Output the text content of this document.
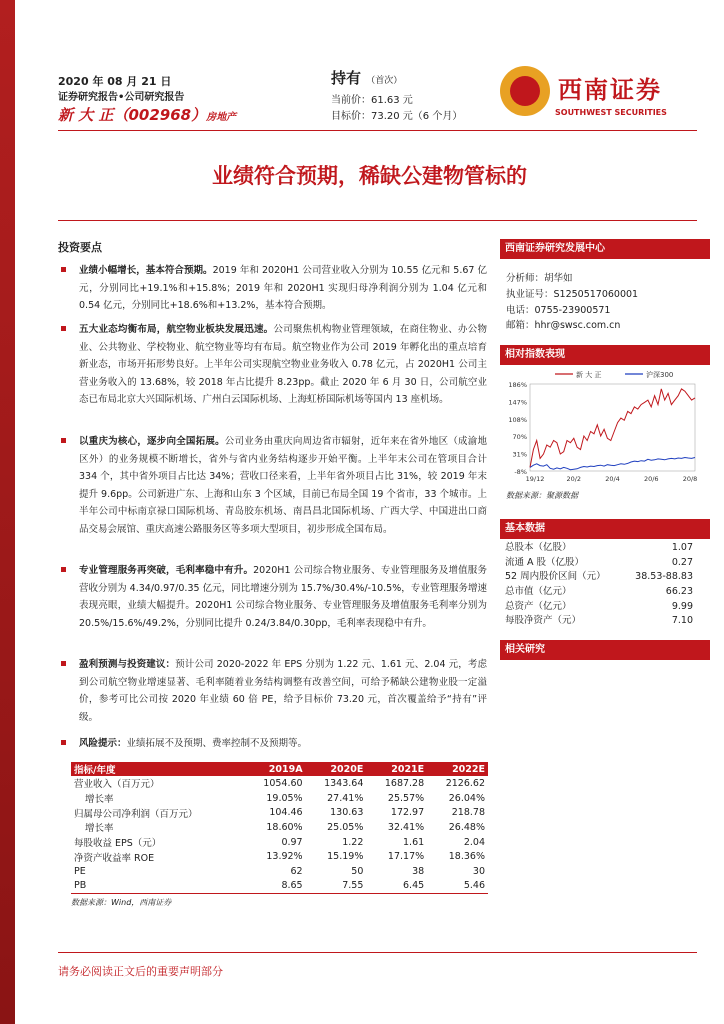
2020 年 08 月 21 日
证券研究报告•公司研究报告
新 大 正（002968）房地产
持有 （首次）
当前价：61.63 元
目标价：73.20 元（6 个月）
西南证券
SOUTHWEST SECURITIES
业绩符合预期，稀缺公建物管标的
投资要点
业绩小幅增长，基本符合预期。2019 年和 2020H1 公司营业收入分别为 10.55 亿元和 5.67 亿元，分别同比+19.1%和+15.8%；2019 年和 2020H1 实现归母净利润分别为 1.04 亿元和 0.54 亿元，分别同比+18.6%和+13.2%，基本符合预期。
五大业态均衡布局，航空物业板块发展迅速。公司聚焦机构物业管理领域，在商住物业、办公物业、公共物业、学校物业、航空物业等均有布局。航空物业作为公司 2019 年孵化出的重点培育新业态，市场开拓形势良好。上半年公司实现航空物业业务收入 0.78 亿元，占 2020H1 公司主营业务收入的 13.68%，较 2018 年占比提升 8.23pp。截止 2020 年 6 月 30 日，公司航空业态已布局北京大兴国际机场、广州白云国际机场、上海虹桥国际机场等国内 13 座机场。
以重庆为核心，逐步向全国拓展。公司业务由重庆向周边省市辐射，近年来在省外地区（成渝地区外）的业务规模不断增长，省外与省内业务结构逐步开始平衡。上半年末公司在管项目合计 334 个，其中省外项目占比达 34%；营收口径来看，上半年省外项目占比 31%，较 2019 年末提升 9.6pp。公司新进广东、上海和山东 3 个区域，目前已布局全国 19 个省市，33 个城市。上半年公司中标南京禄口国际机场、青岛胶东机场、南昌昌北国际机场、广西大学、中国进出口商品交易会展馆、重庆高速公路服务区等多项大型项目，初步形成全国布局。
专业管理服务再突破，毛利率稳中有升。2020H1 公司综合物业服务、专业管理服务及增值服务营收分别为 4.34/0.97/0.35 亿元，同比增速分别为 15.7%/30.4%/-10.5%，专业管理服务增速表现亮眼，业绩大幅提升。2020H1 公司综合物业服务、专业管理服务及增值服务毛利率分别为 20.5%/15.6%/49.2%，分别同比提升 0.24/3.84/0.30pp，毛利率表现稳中有升。
盈利预测与投资建议：预计公司 2020-2022 年 EPS 分别为 1.22 元、1.61 元、2.04 元，考虑到公司航空物业增速显著、毛利率随着业务结构调整有改善空间，可给予稀缺公建物业股一定溢价，参考可比公司按 2020 年业绩 60 倍 PE，给予目标价 73.20 元，首次覆盖给予“持有”评级。
风险提示：业绩拓展不及预期、费率控制不及预期等。
指标/年度	2019A	2020E	2021E	2022E
营业收入（百万元）	1054.60	1343.64	1687.28	2126.62
增长率	19.05%	27.41%	25.57%	26.04%
归属母公司净利润（百万元）	104.46	130.63	172.97	218.78
增长率	18.60%	25.05%	32.41%	26.48%
每股收益 EPS（元）	0.97	1.22	1.61	2.04
净资产收益率 ROE	13.92%	15.19%	17.17%	18.36%
PE	62	50	38	30
PB	8.65	7.55	6.45	5.46
数据来源：Wind，西南证券
西南证券研究发展中心
分析师：胡华如
执业证号：S1250517060001
电话：0755-23900571
邮箱：hhr@swsc.com.cn
相对指数表现
186%
147%
108%
70%
31%
-8%
19/12	20/2	20/4	20/6	20/8
新 大 正	沪深300
数据来源：聚源数据
基本数据
总股本（亿股）	1.07
流通 A 股（亿股）	0.27
52 周内股价区间（元）	38.53-88.83
总市值（亿元）	66.23
总资产（亿元）	9.99
每股净资产（元）	7.10
相关研究
请务必阅读正文后的重要声明部分
